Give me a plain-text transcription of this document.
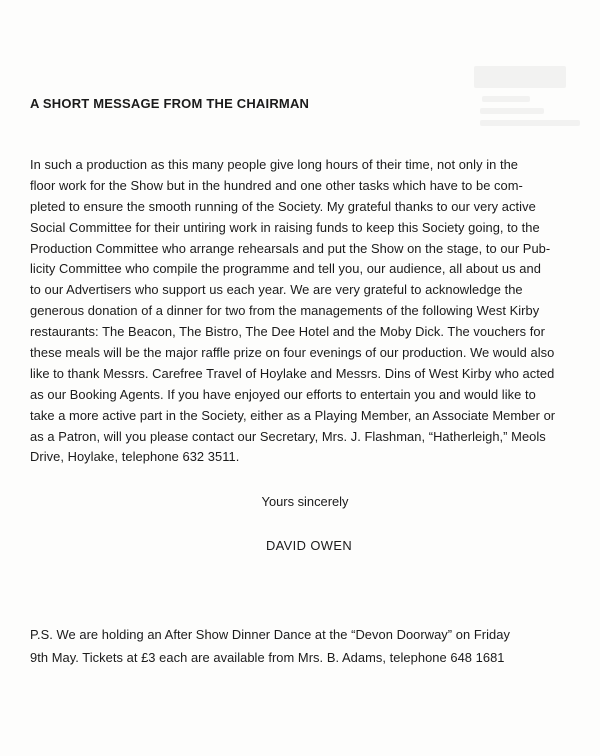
A SHORT MESSAGE FROM THE CHAIRMAN
In such a production as this many people give long hours of their time, not only in the
floor work for the Show but in the hundred and one other tasks which have to be com-
pleted to ensure the smooth running of the Society. My grateful thanks to our very active
Social Committee for their untiring work in raising funds to keep this Society going, to the
Production Committee who arrange rehearsals and put the Show on the stage, to our Pub-
licity Committee who compile the programme and tell you, our audience, all about us and
to our Advertisers who support us each year. We are very grateful to acknowledge the
generous donation of a dinner for two from the managements of the following West Kirby
restaurants: The Beacon, The Bistro, The Dee Hotel and the Moby Dick. The vouchers for
these meals will be the major raffle prize on four evenings of our production. We would also
like to thank Messrs. Carefree Travel of Hoylake and Messrs. Dins of West Kirby who acted
as our Booking Agents. If you have enjoyed our efforts to entertain you and would like to
take a more active part in the Society, either as a Playing Member, an Associate Member or
as a Patron, will you please contact our Secretary, Mrs. J. Flashman, “Hatherleigh,” Meols
Drive, Hoylake, telephone 632 3511.

Yours sincerely

DAVID OWEN

P.S. We are holding an After Show Dinner Dance at the “Devon Doorway” on Friday
9th May. Tickets at £3 each are available from Mrs. B. Adams, telephone 648 1681
